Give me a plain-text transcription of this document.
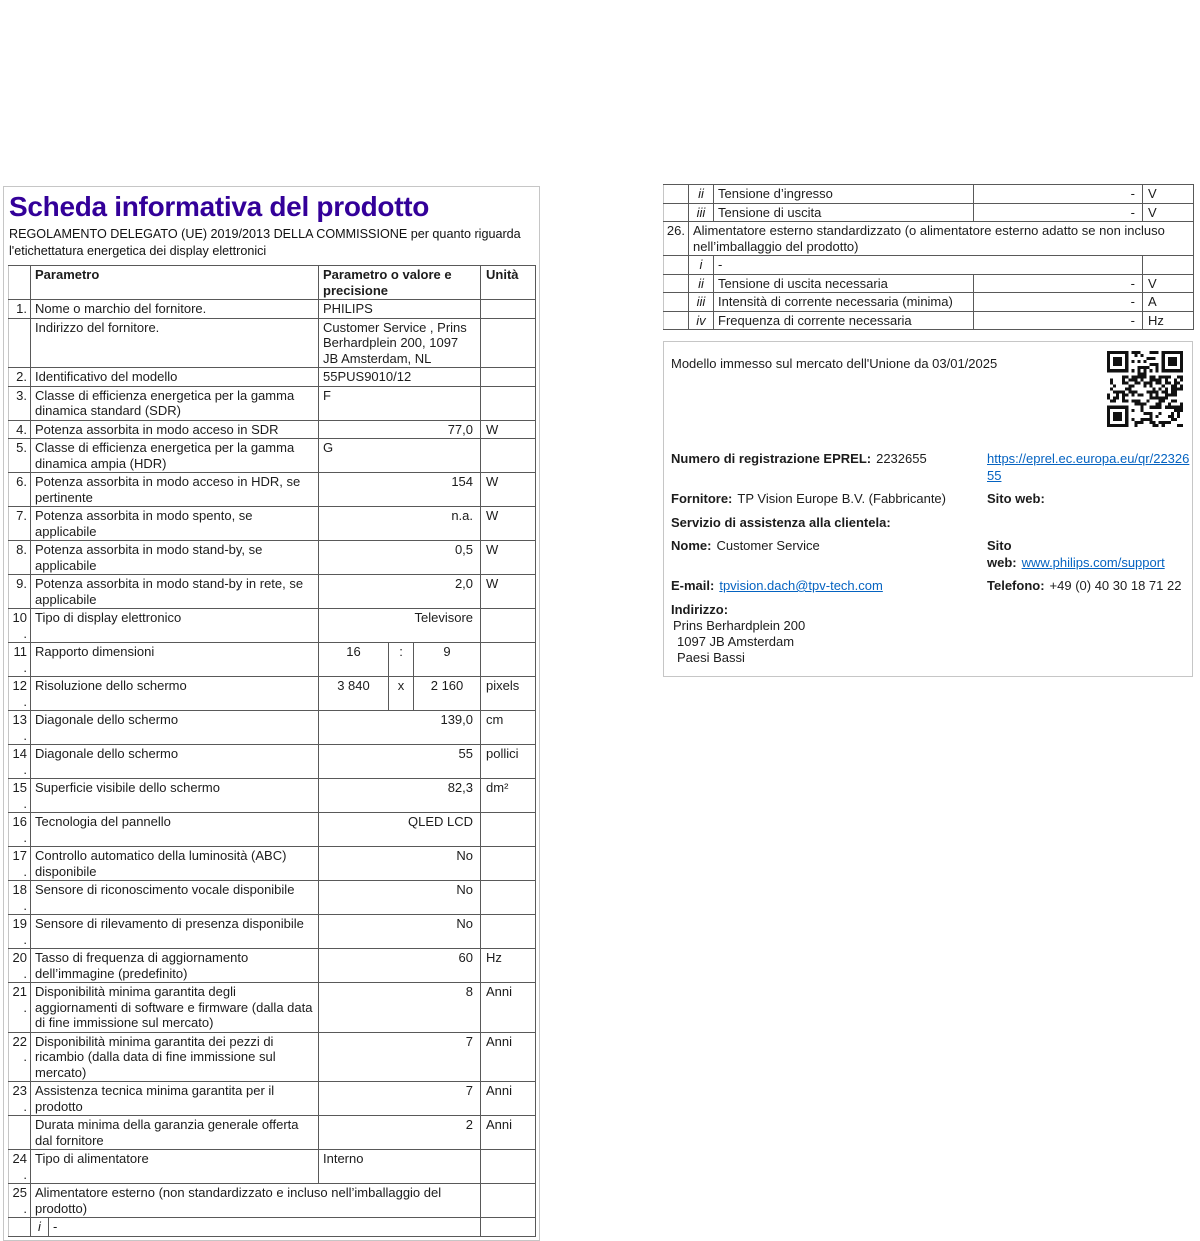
Scheda informativa del prodotto
REGOLAMENTO DELEGATO (UE) 2019/2013 DELLA COMMISSIONE per quanto riguarda l'etichettatura energetica dei display elettronici
	Parametro		Parametro o valore e precisione			Unità
1.	Nome o marchio del fornitore.		PHILIPS			
	Indirizzo del fornitore.		Customer Service , Prins Berhardplein 200, 1097 JB Amsterdam, NL			
2.	Identificativo del modello		55PUS9010/12			
3.	Classe di efficienza energetica per la gamma dinamica standard (SDR)		F			
4.	Potenza assorbita in modo acceso in SDR		77,0			W
5.	Classe di efficienza energetica per la gamma dinamica ampia (HDR)		G			
6.	Potenza assorbita in modo acceso in HDR, se pertinente		154			W
7.	Potenza assorbita in modo spento, se applicabile		n.a.			W
8.	Potenza assorbita in modo stand-by, se applicabile		0,5			W
9.	Potenza assorbita in modo stand-by in rete, se applicabile		2,0			W
10.	Tipo di display elettronico		Televisore			
11.	Rapporto dimensioni		16	:	9	
12.	Risoluzione dello schermo		3 840	x	2 160	pixels
13.	Diagonale dello schermo		139,0			cm
14.	Diagonale dello schermo		55			pollici
15.	Superficie visibile dello schermo		82,3			dm²
16.	Tecnologia del pannello		QLED LCD			
17.	Controllo automatico della luminosità (ABC) disponibile		No			
18.	Sensore di riconoscimento vocale disponibile		No			
19.	Sensore di rilevamento di presenza disponibile		No			
20.	Tasso di frequenza di aggiornamento dell’immagine (predefinito)		60			Hz
21.	Disponibilità minima garantita degli aggiornamenti di software e firmware (dalla data di fine immissione sul mercato)		8			Anni
22.	Disponibilità minima garantita dei pezzi di ricambio (dalla data di fine immissione sul mercato)		7			Anni
23.	Assistenza tecnica minima garantita per il prodotto		7			Anni
	Durata minima della garanzia generale offerta dal fornitore		2			Anni
24.	Tipo di alimentatore		Interno			
25.	Alimentatore esterno (non standardizzato e incluso nell’imballaggio del prodotto)					
	i	-				
	ii	Tensione d’ingresso	-	V
	iii	Tensione di uscita	-	V
26.	Alimentatore esterno standardizzato (o alimentatore esterno adatto se non incluso nell’imballaggio del prodotto)			
	i	-		
	ii	Tensione di uscita necessaria	-	V
	iii	Intensità di corrente necessaria (minima)	-	A
	iv	Frequenza di corrente necessaria	-	Hz
Modello immesso sul mercato dell'Unione da 03/01/2025
Numero di registrazione EPREL: 2232655	https://eprel.ec.europa.eu/qr/2232655
Fornitore: TP Vision Europe B.V. (Fabbricante)	Sito web:
Servizio di assistenza alla clientela:
Nome: Customer Service	Sito web: www.philips.com/support
E-mail: tpvision.dach@tpv-tech.com	Telefono: +49 (0) 40 30 18 71 22
Indirizzo:
Prins Berhardplein 200
1097 JB Amsterdam
Paesi Bassi
